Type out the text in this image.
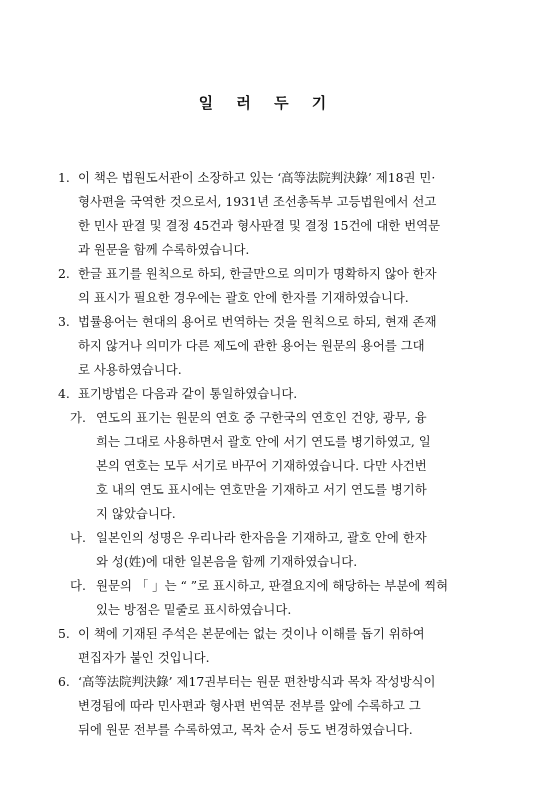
일 러 두 기
1. 이 책은 법원도서관이 소장하고 있는 ‘高等法院判決錄’ 제18권 민·
형사편을 국역한 것으로서, 1931년 조선총독부 고등법원에서 선고
한 민사 판결 및 결정 45건과 형사판결 및 결정 15건에 대한 번역문
과 원문을 함께 수록하였습니다.
2. 한글 표기를 원칙으로 하되, 한글만으로 의미가 명확하지 않아 한자
의 표시가 필요한 경우에는 괄호 안에 한자를 기재하였습니다.
3. 법률용어는 현대의 용어로 번역하는 것을 원칙으로 하되, 현재 존재
하지 않거나 의미가 다른 제도에 관한 용어는 원문의 용어를 그대
로 사용하였습니다.
4. 표기방법은 다음과 같이 통일하였습니다.
가. 연도의 표기는 원문의 연호 중 구한국의 연호인 건양, 광무, 융
희는 그대로 사용하면서 괄호 안에 서기 연도를 병기하였고, 일
본의 연호는 모두 서기로 바꾸어 기재하였습니다. 다만 사건번
호 내의 연도 표시에는 연호만을 기재하고 서기 연도를 병기하
지 않았습니다.
나. 일본인의 성명은 우리나라 한자음을 기재하고, 괄호 안에 한자
와 성(姓)에 대한 일본음을 함께 기재하였습니다.
다. 원문의 「 」는 “ ”로 표시하고, 판결요지에 해당하는 부분에 찍혀
있는 방점은 밑줄로 표시하였습니다.
5. 이 책에 기재된 주석은 본문에는 없는 것이나 이해를 돕기 위하여
편집자가 붙인 것입니다.
6. ‘高等法院判決錄’ 제17권부터는 원문 편찬방식과 목차 작성방식이
변경됨에 따라 민사편과 형사편 번역문 전부를 앞에 수록하고 그
뒤에 원문 전부를 수록하였고, 목차 순서 등도 변경하였습니다.
